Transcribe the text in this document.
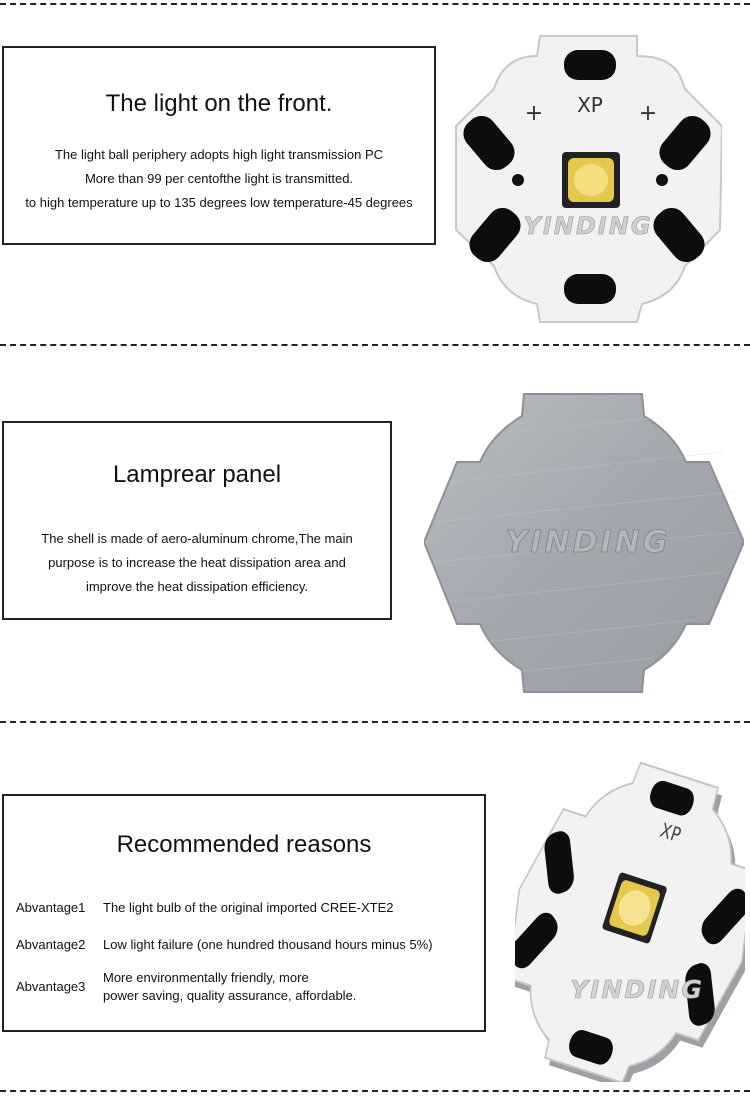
The light on the front.

The light ball periphery adopts high light transmission PC

More than 99 per centofthe light is transmitted.

to high temperature up to 135 degrees low temperature-45 degrees

XP
+	+
YINDING
Lamprear panel

The shell is made of aero-aluminum chrome,The main

purpose is to increase the heat dissipation area and

improve the heat dissipation efficiency.

YINDING
Recommended reasons
Abvantage1 The light bulb of the original imported CREE-XTE2
Abvantage2 Low light failure (one hundred thousand hours minus 5%)
Abvantage3
More environmentally friendly, more
power saving, quality assurance, affordable.
XP
YINDING
